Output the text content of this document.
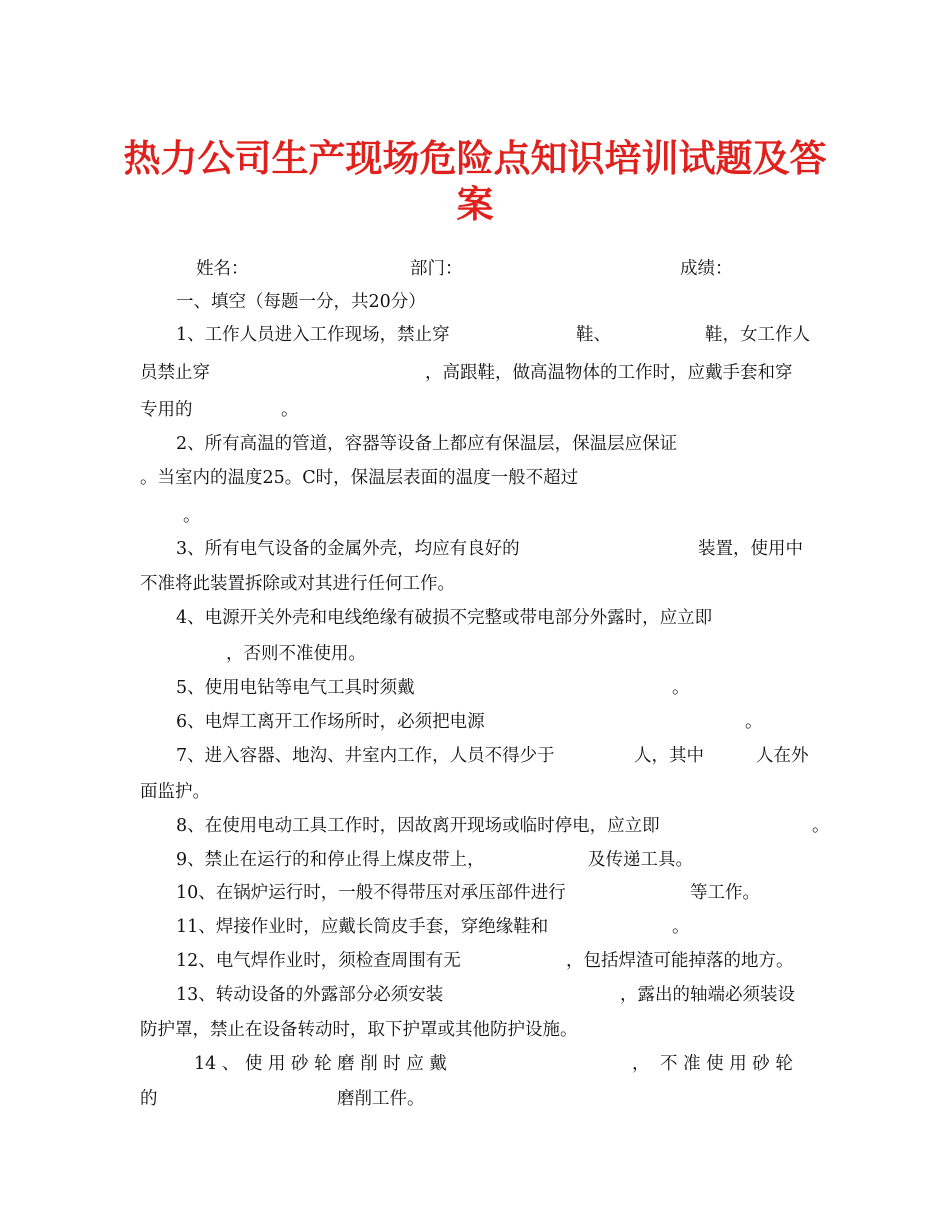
热力公司生产现场危险点知识培训试题及答
案
姓名：	部门：	成绩：
一、填空（每题一分，共20分）
1、工作人员进入工作现场，禁止穿	鞋、	鞋，女工作人
员禁止穿	，高跟鞋，做高温物体的工作时，应戴手套和穿
专用的	。
2、所有高温的管道，容器等设备上都应有保温层，保温层应保证
。当室内的温度25。C时，保温层表面的温度一般不超过
。
3、所有电气设备的金属外壳，均应有良好的	装置，使用中
不准将此装置拆除或对其进行任何工作。
4、电源开关外壳和电线绝缘有破损不完整或带电部分外露时，应立即
，否则不准使用。
5、使用电钻等电气工具时须戴	。
6、电焊工离开工作场所时，必须把电源	。
7、进入容器、地沟、井室内工作，人员不得少于	人，其中	人在外
面监护。
8、在使用电动工具工作时，因故离开现场或临时停电，应立即	。
9、禁止在运行的和停止得上煤皮带上，	及传递工具。
10、在锅炉运行时，一般不得带压对承压部件进行	等工作。
11、焊接作业时，应戴长筒皮手套，穿绝缘鞋和	。
12、电气焊作业时，须检查周围有无	，包括焊渣可能掉落的地方。
13、转动设备的外露部分必须安装	，露出的轴端必须装设
防护罩，禁止在设备转动时，取下护罩或其他防护设施。
14 、 使 用 砂 轮 磨 削 时 应 戴	， 不 准 使 用 砂 轮
的	磨削工件。
